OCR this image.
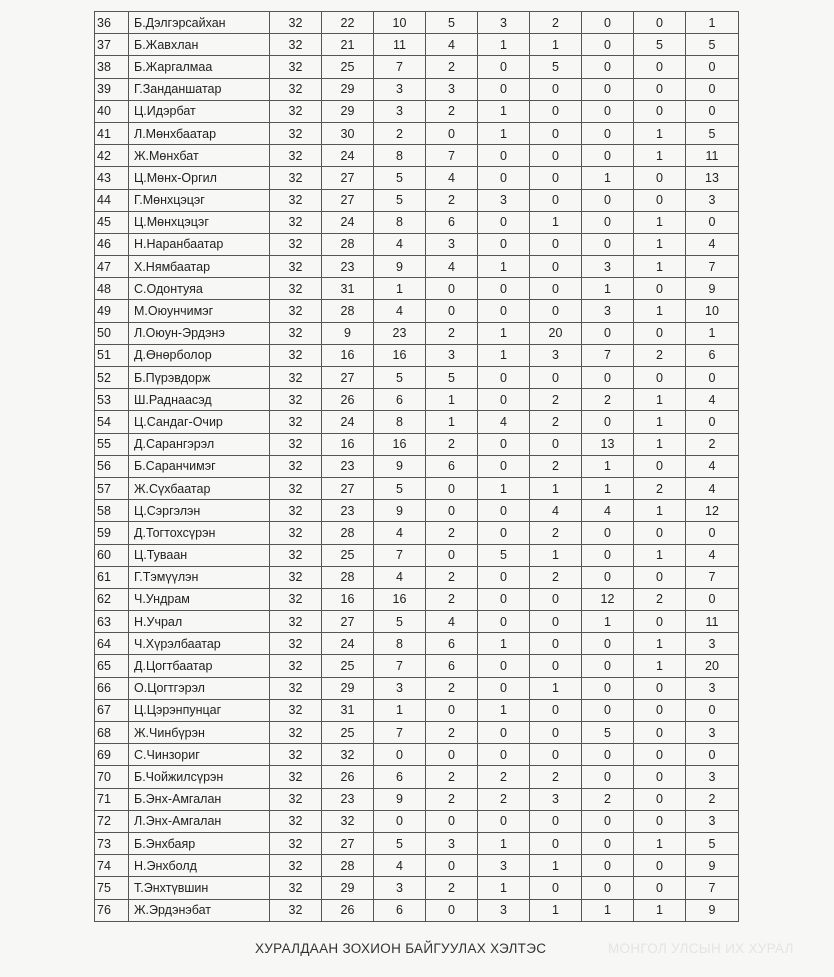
36	Б.Дэлгэрсайхан	32	22	10	5	3	2	0	0	1
37	Б.Жавхлан	32	21	11	4	1	1	0	5	5
38	Б.Жаргалмаа	32	25	7	2	0	5	0	0	0
39	Г.Занданшатар	32	29	3	3	0	0	0	0	0
40	Ц.Идэрбат	32	29	3	2	1	0	0	0	0
41	Л.Мөнхбаатар	32	30	2	0	1	0	0	1	5
42	Ж.Мөнхбат	32	24	8	7	0	0	0	1	11
43	Ц.Мөнх-Оргил	32	27	5	4	0	0	1	0	13
44	Г.Мөнхцэцэг	32	27	5	2	3	0	0	0	3
45	Ц.Мөнхцэцэг	32	24	8	6	0	1	0	1	0
46	Н.Наранбаатар	32	28	4	3	0	0	0	1	4
47	Х.Нямбаатар	32	23	9	4	1	0	3	1	7
48	С.Одонтуяа	32	31	1	0	0	0	1	0	9
49	М.Оюунчимэг	32	28	4	0	0	0	3	1	10
50	Л.Оюун-Эрдэнэ	32	9	23	2	1	20	0	0	1
51	Д.Өнөрболор	32	16	16	3	1	3	7	2	6
52	Б.Пүрэвдорж	32	27	5	5	0	0	0	0	0
53	Ш.Раднаасэд	32	26	6	1	0	2	2	1	4
54	Ц.Сандаг-Очир	32	24	8	1	4	2	0	1	0
55	Д.Сарангэрэл	32	16	16	2	0	0	13	1	2
56	Б.Саранчимэг	32	23	9	6	0	2	1	0	4
57	Ж.Сүхбаатар	32	27	5	0	1	1	1	2	4
58	Ц.Сэргэлэн	32	23	9	0	0	4	4	1	12
59	Д.Тогтохсүрэн	32	28	4	2	0	2	0	0	0
60	Ц.Туваан	32	25	7	0	5	1	0	1	4
61	Г.Тэмүүлэн	32	28	4	2	0	2	0	0	7
62	Ч.Ундрам	32	16	16	2	0	0	12	2	0
63	Н.Учрал	32	27	5	4	0	0	1	0	11
64	Ч.Хүрэлбаатар	32	24	8	6	1	0	0	1	3
65	Д.Цогтбаатар	32	25	7	6	0	0	0	1	20
66	О.Цогтгэрэл	32	29	3	2	0	1	0	0	3
67	Ц.Цэрэнпунцаг	32	31	1	0	1	0	0	0	0
68	Ж.Чинбүрэн	32	25	7	2	0	0	5	0	3
69	С.Чинзориг	32	32	0	0	0	0	0	0	0
70	Б.Чойжилсүрэн	32	26	6	2	2	2	0	0	3
71	Б.Энх-Амгалан	32	23	9	2	2	3	2	0	2
72	Л.Энх-Амгалан	32	32	0	0	0	0	0	0	3
73	Б.Энхбаяр	32	27	5	3	1	0	0	1	5
74	Н.Энхболд	32	28	4	0	3	1	0	0	9
75	Т.Энхтүвшин	32	29	3	2	1	0	0	0	7
76	Ж.Эрдэнэбат	32	26	6	0	3	1	1	1	9
ХУРАЛДААН ЗОХИОН БАЙГУУЛАХ ХЭЛТЭС	МОНГОЛ УЛСЫН ИХ ХУРАЛ
